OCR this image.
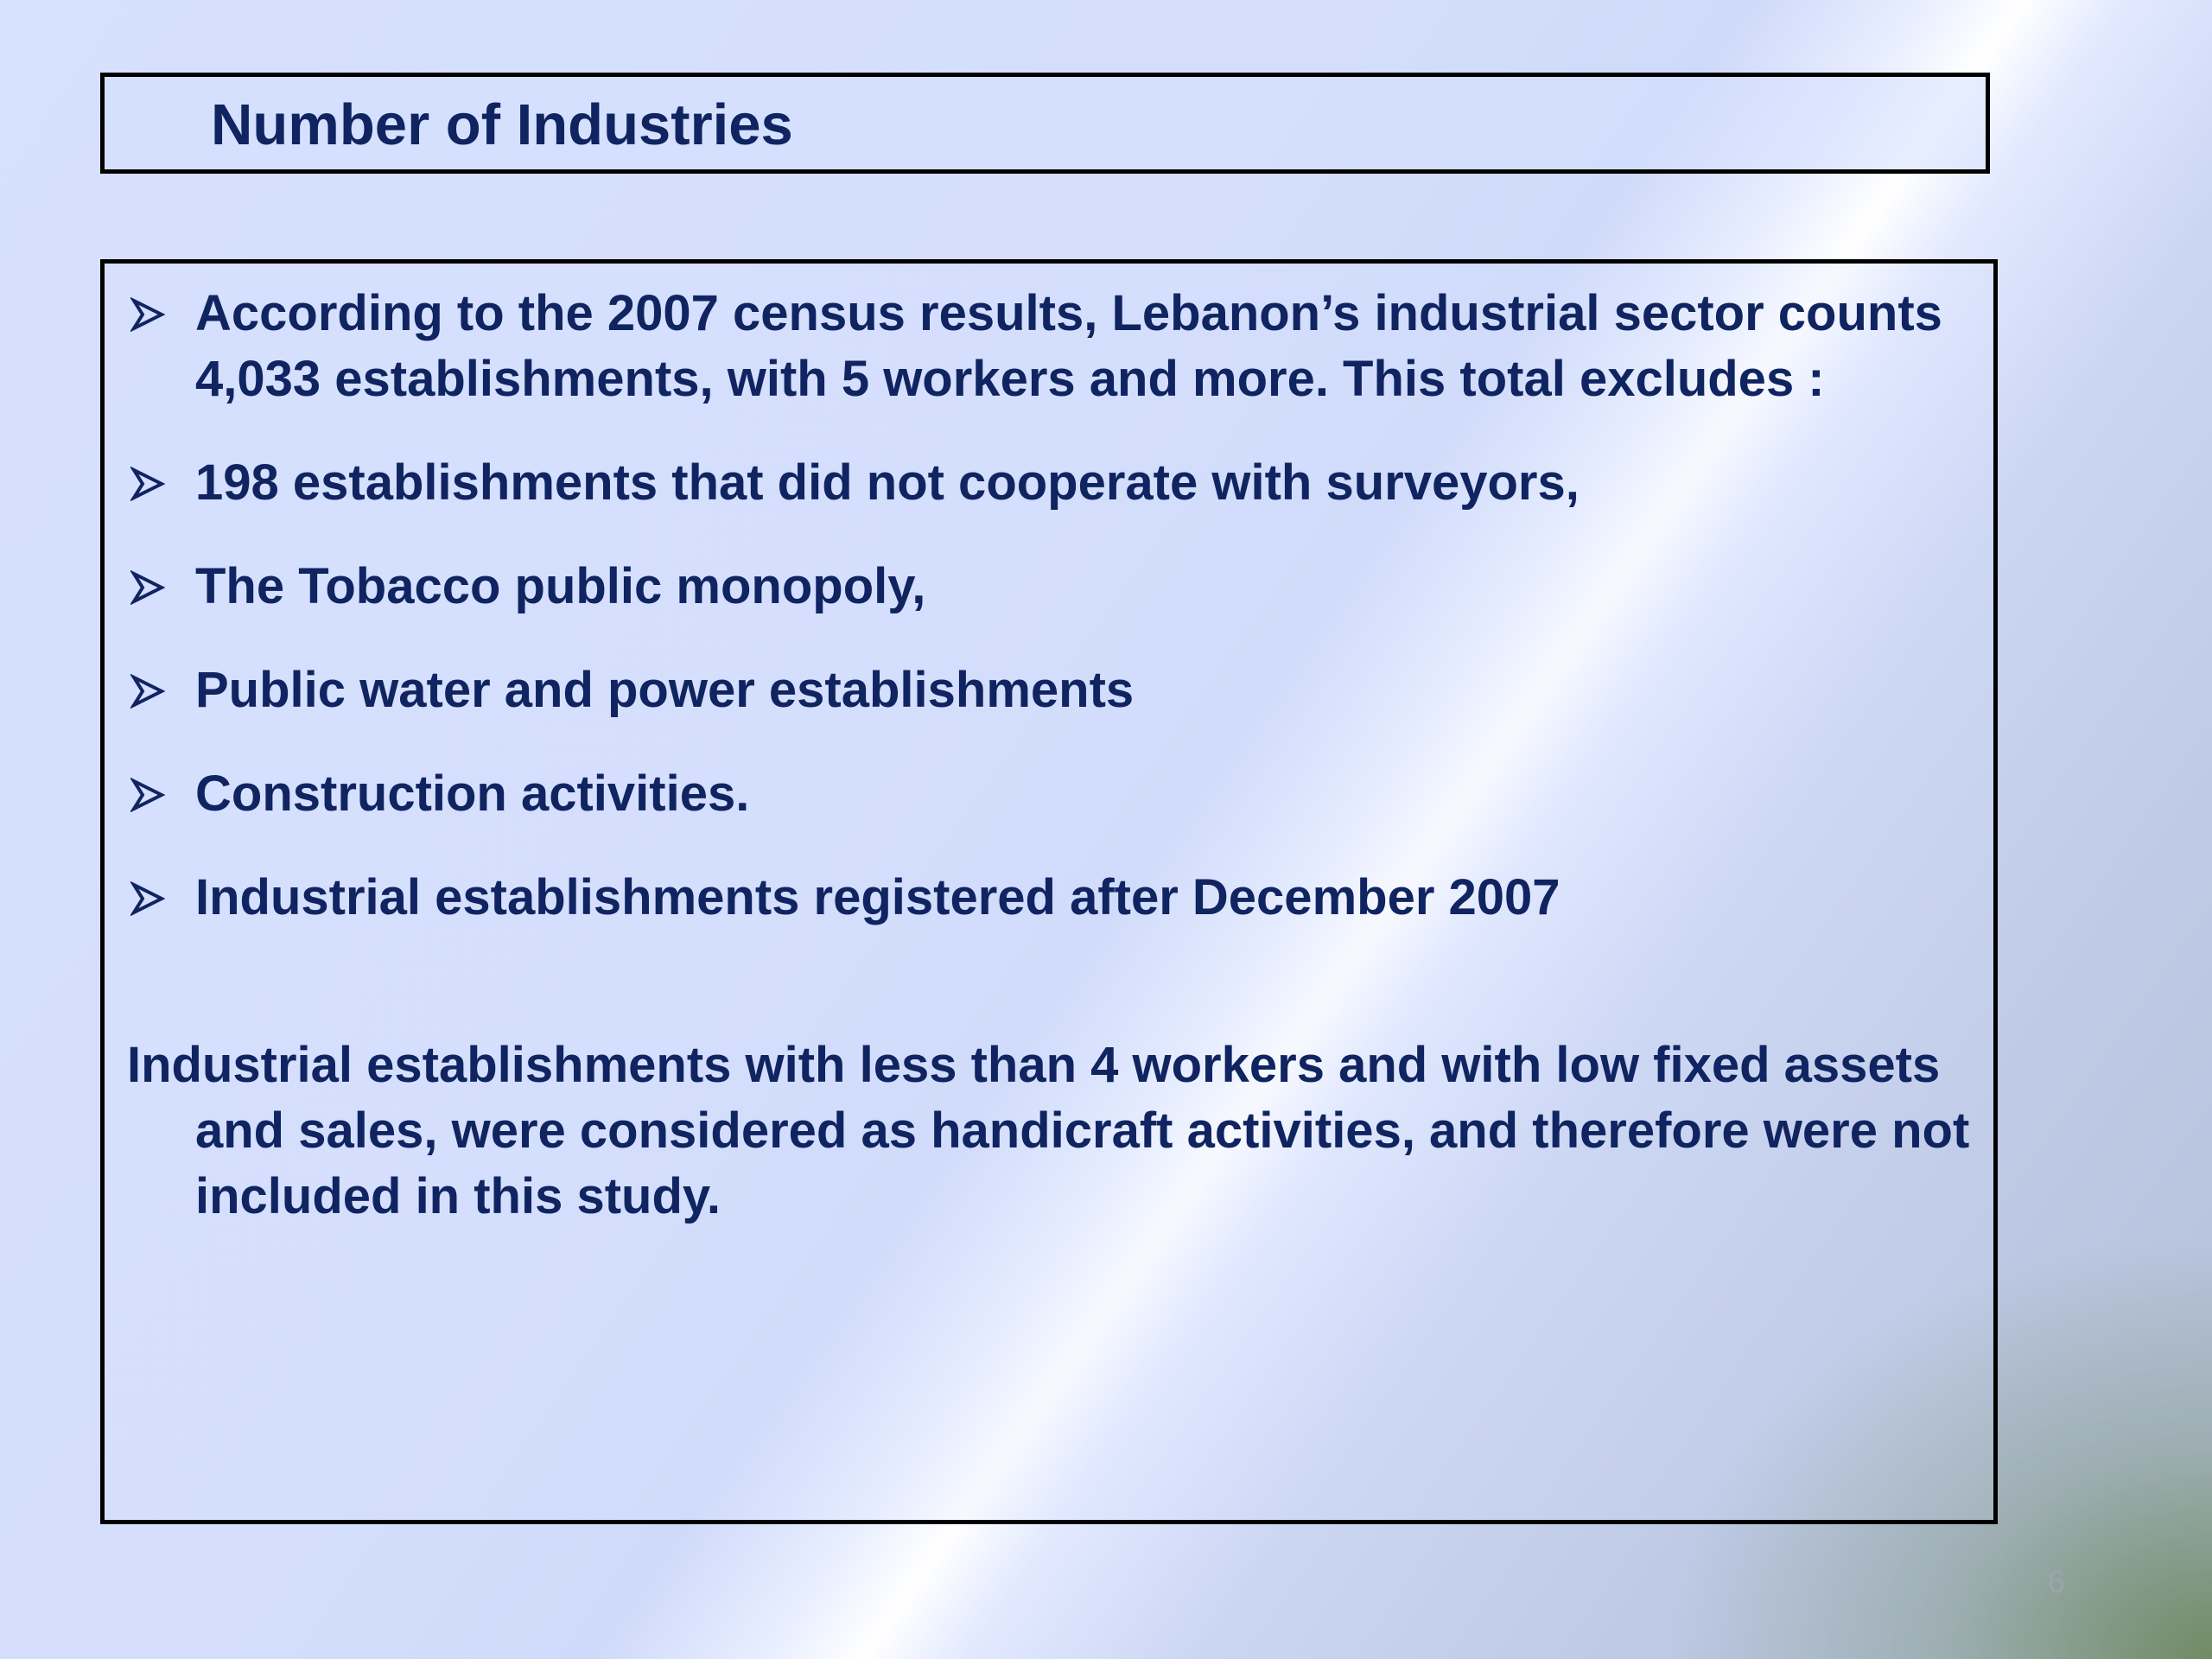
Number of Industries
According to the 2007 census results, Lebanon’s industrial sector counts 4,033 establishments, with 5 workers and more. This total excludes :
198 establishments that did not cooperate with surveyors,
The Tobacco public monopoly,
Public water and power establishments
Construction activities.
Industrial establishments registered after December 2007

Industrial establishments with less than 4 workers and with low fixed assets and sales, were considered as handicraft activities, and therefore were not included in this study.

6
